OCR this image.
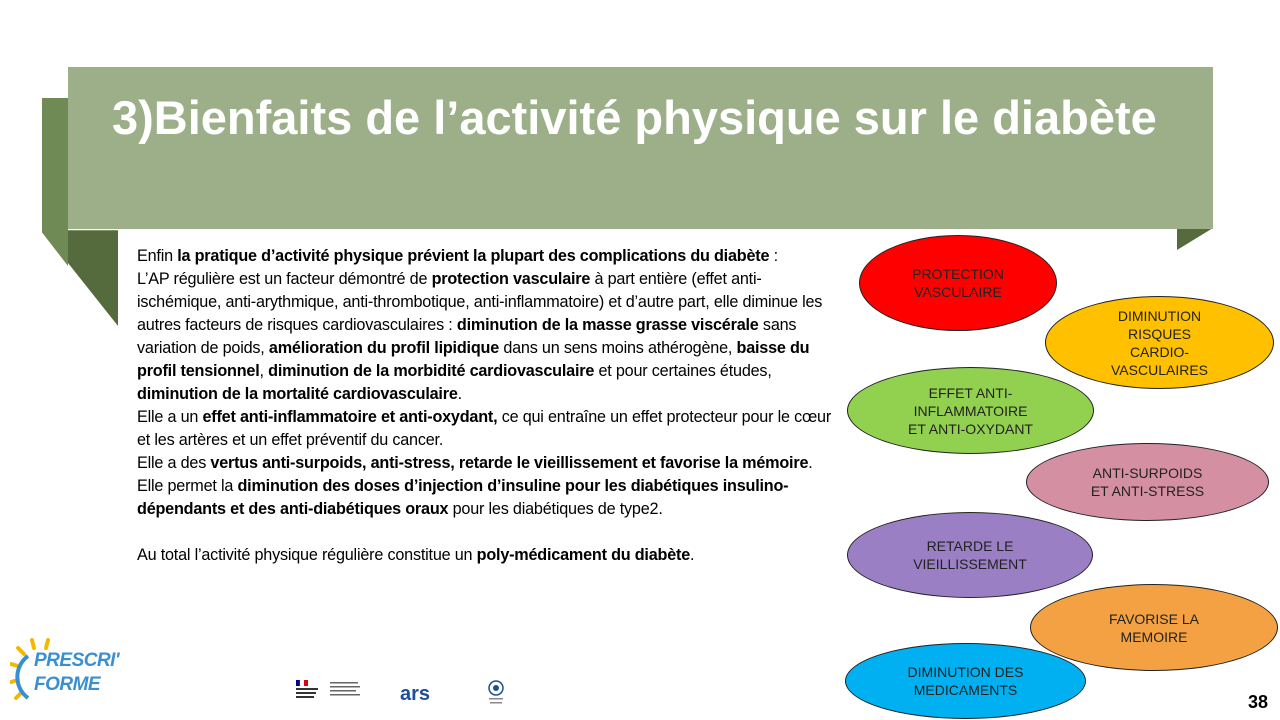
3)Bienfaits de l’activité physique sur le diabète

Enfin la pratique d’activité physique prévient la plupart des complications du diabète :

L’AP régulière est un facteur démontré de protection vasculaire à part entière (effet anti-ischémique, anti-arythmique, anti-thrombotique, anti-inflammatoire) et d’autre part, elle diminue les autres facteurs de risques cardiovasculaires : diminution de la masse grasse viscérale sans variation de poids, amélioration du profil lipidique dans un sens moins athérogène, baisse du profil tensionnel, diminution de la morbidité cardiovasculaire et pour certaines études, diminution de la mortalité cardiovasculaire.

Elle a un effet anti-inflammatoire et anti-oxydant, ce qui entraîne un effet protecteur pour le cœur et les artères et un effet préventif du cancer.

Elle a des vertus anti-surpoids, anti-stress, retarde le vieillissement et favorise la mémoire.

Elle permet la diminution des doses d’injection d’insuline pour les diabétiques insulino-dépendants et des anti-diabétiques oraux pour les diabétiques de type2.

Au total l’activité physique régulière constitue un poly-médicament du diabète.

PROTECTION
VASCULAIRE
DIMINUTION
RISQUES
CARDIO-
VASCULAIRES
EFFET ANTI-
INFLAMMATOIRE
ET ANTI-OXYDANT
ANTI-SURPOIDS
ET ANTI-STRESS
RETARDE LE
VIEILLISSEMENT
FAVORISE LA
MEMOIRE
DIMINUTION DES
MEDICAMENTS
PRESCRI'
FORME	ars	38
